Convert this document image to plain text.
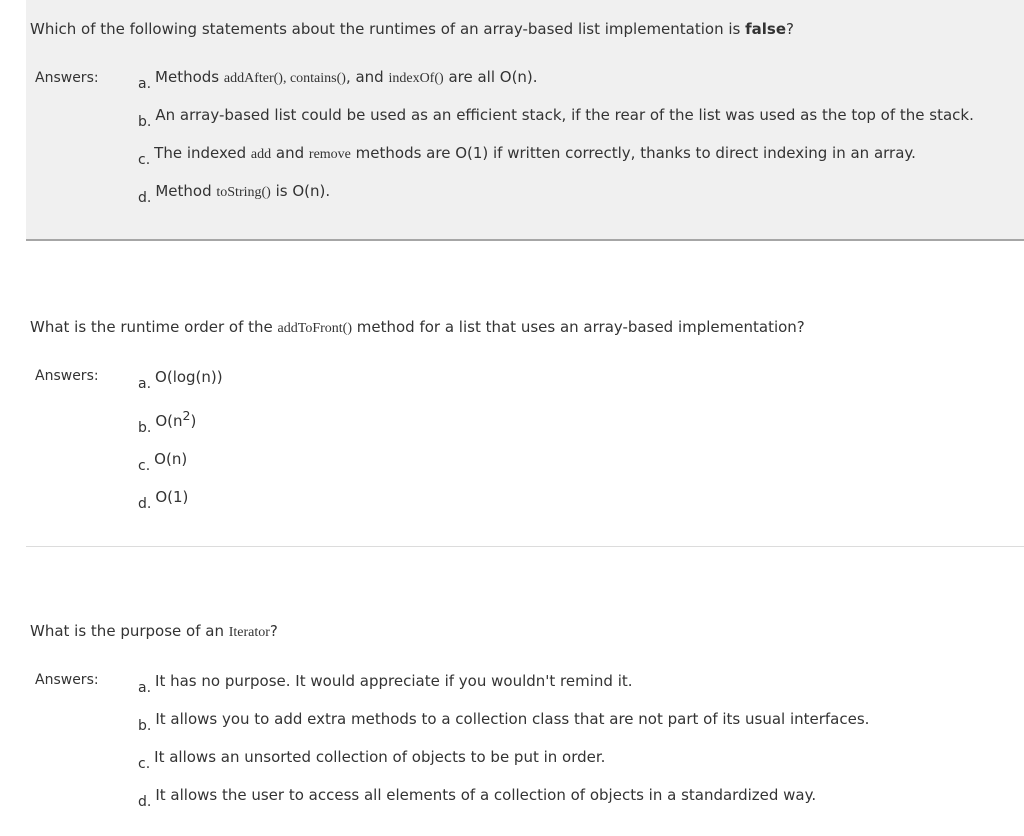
Which of the following statements about the runtimes of an array-based list implementation is false?
Answers:	a. Methods addAfter(), contains(), and indexOf() are all O(n).
b. An array-based list could be used as an efficient stack, if the rear of the list was used as the top of the stack.
c. The indexed add and remove methods are O(1) if written correctly, thanks to direct indexing in an array.
d. Method toString() is O(n).
What is the runtime order of the addToFront() method for a list that uses an array-based implementation?
Answers:	a. O(log(n))
b. $O(n^2)$
c. O(n)
d. O(1)
What is the purpose of an Iterator?
Answers:	a. It has no purpose. It would appreciate if you wouldn't remind it.
b. It allows you to add extra methods to a collection class that are not part of its usual interfaces.
c. It allows an unsorted collection of objects to be put in order.
d. It allows the user to access all elements of a collection of objects in a standardized way.
